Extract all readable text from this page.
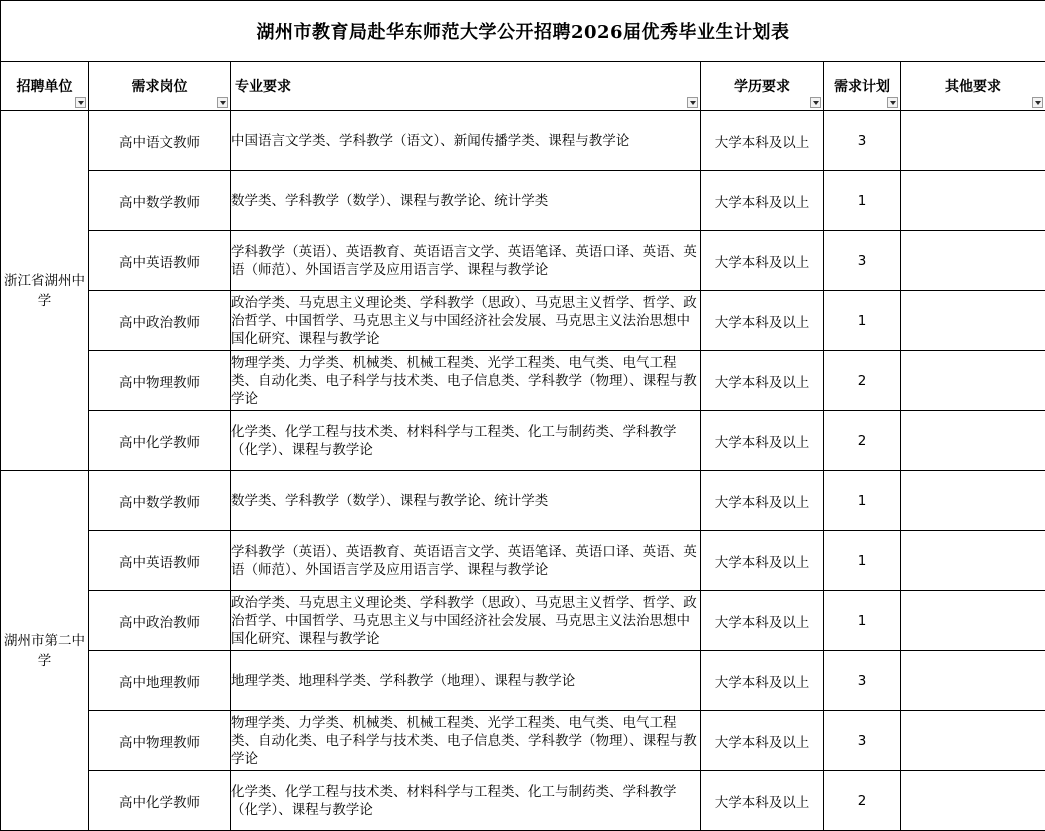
湖州市教育局赴华东师范大学公开招聘2026届优秀毕业生计划表					
招聘单位	需求岗位	专业要求	学历要求	需求计划	其他要求

浙江省湖州中学	高中语文教师	中国语言文学类、学科教学（语文）、新闻传播学类、课程与教学论	大学本科及以上	3	
	高中数学教师	数学类、学科教学（数学）、课程与教学论、统计学类	大学本科及以上	1	
	高中英语教师	学科教学（英语）、英语教育、英语语言文学、英语笔译、英语口译、英语、英语（师范）、外国语言学及应用语言学、课程与教学论	大学本科及以上	3	
	高中政治教师	政治学类、马克思主义理论类、学科教学（思政）、马克思主义哲学、哲学、政治哲学、中国哲学、马克思主义与中国经济社会发展、马克思主义法治思想中国化研究、课程与教学论	大学本科及以上	1	
	高中物理教师	物理学类、力学类、机械类、机械工程类、光学工程类、电气类、电气工程类、自动化类、电子科学与技术类、电子信息类、学科教学（物理）、课程与教学论	大学本科及以上	2	
	高中化学教师	化学类、化学工程与技术类、材料科学与工程类、化工与制药类、学科教学（化学）、课程与教学论	大学本科及以上	2	
湖州市第二中学	高中数学教师	数学类、学科教学（数学）、课程与教学论、统计学类	大学本科及以上	1	
	高中英语教师	学科教学（英语）、英语教育、英语语言文学、英语笔译、英语口译、英语、英语（师范）、外国语言学及应用语言学、课程与教学论	大学本科及以上	1	
	高中政治教师	政治学类、马克思主义理论类、学科教学（思政）、马克思主义哲学、哲学、政治哲学、中国哲学、马克思主义与中国经济社会发展、马克思主义法治思想中国化研究、课程与教学论	大学本科及以上	1	
	高中地理教师	地理学类、地理科学类、学科教学（地理）、课程与教学论	大学本科及以上	3	
	高中物理教师	物理学类、力学类、机械类、机械工程类、光学工程类、电气类、电气工程类、自动化类、电子科学与技术类、电子信息类、学科教学（物理）、课程与教学论	大学本科及以上	3	
	高中化学教师	化学类、化学工程与技术类、材料科学与工程类、化工与制药类、学科教学（化学）、课程与教学论	大学本科及以上	2	
